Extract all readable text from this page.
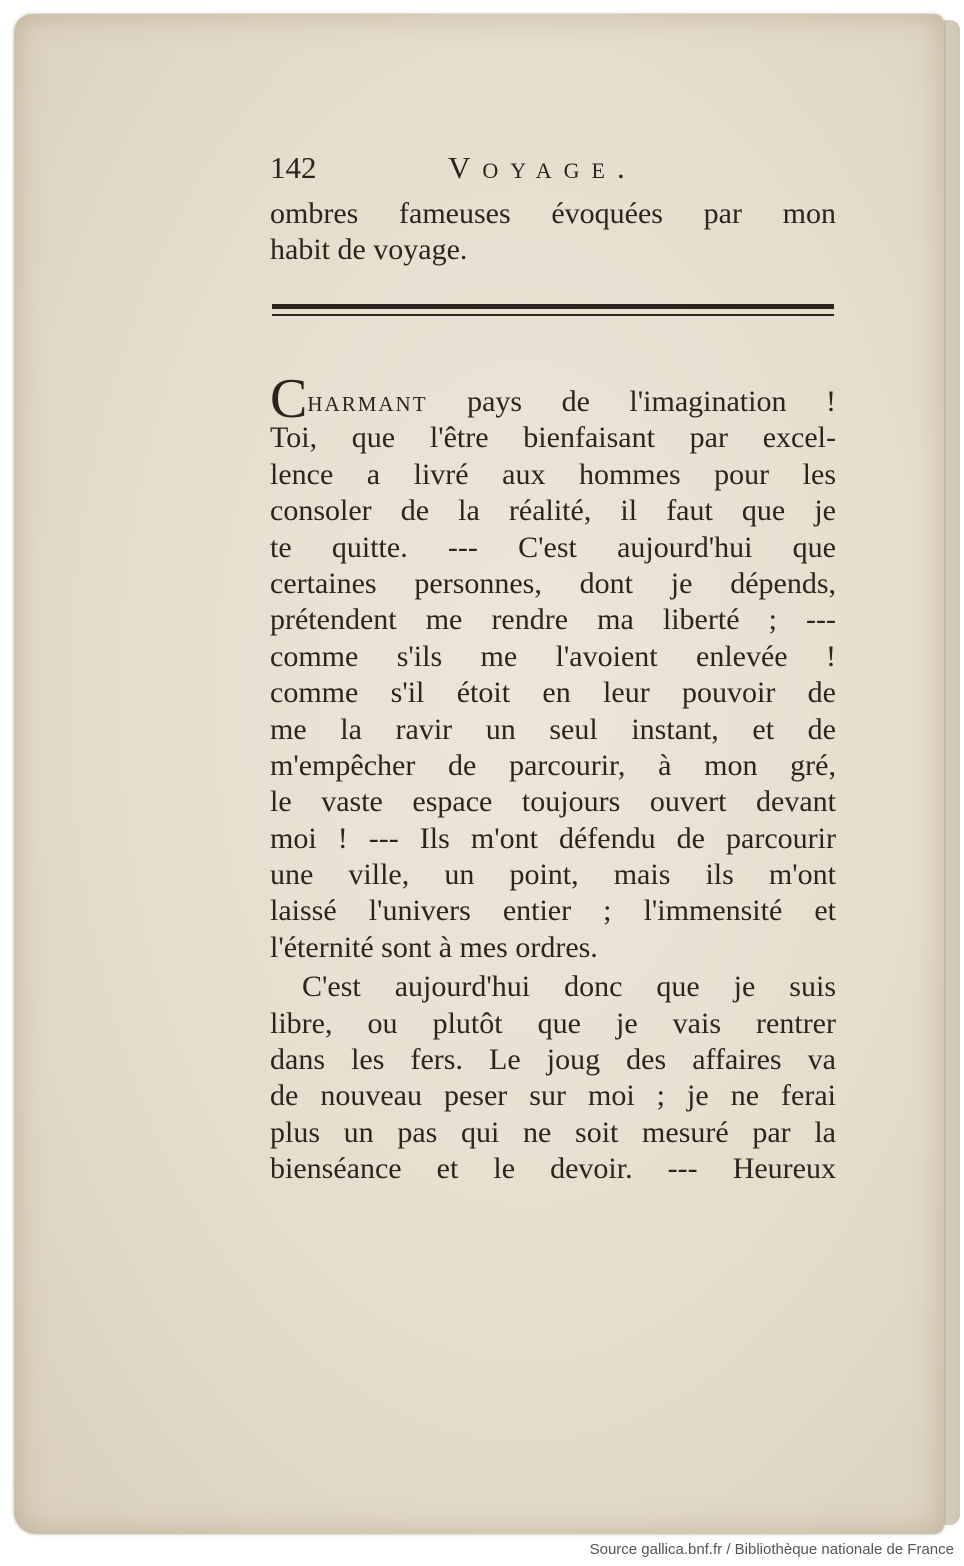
142	Voyage.
ombres fameuses évoquées par mon
habit de voyage.
Charmant pays de l'imagination !
Toi, que l'être bienfaisant par excel-
lence a livré aux hommes pour les
consoler de la réalité, il faut que je
te quitte. --- C'est aujourd'hui que
certaines personnes, dont je dépends,
prétendent me rendre ma liberté ; ---
comme s'ils me l'avoient enlevée !
comme s'il étoit en leur pouvoir de
me la ravir un seul instant, et de
m'empêcher de parcourir, à mon gré,
le vaste espace toujours ouvert devant
moi ! --- Ils m'ont défendu de parcourir
une ville, un point, mais ils m'ont
laissé l'univers entier ; l'immensité et
l'éternité sont à mes ordres.
C'est aujourd'hui donc que je suis
libre, ou plutôt que je vais rentrer
dans les fers. Le joug des affaires va
de nouveau peser sur moi ; je ne ferai
plus un pas qui ne soit mesuré par la
bienséance et le devoir. --- Heureux
Source gallica.bnf.fr / Bibliothèque nationale de France
